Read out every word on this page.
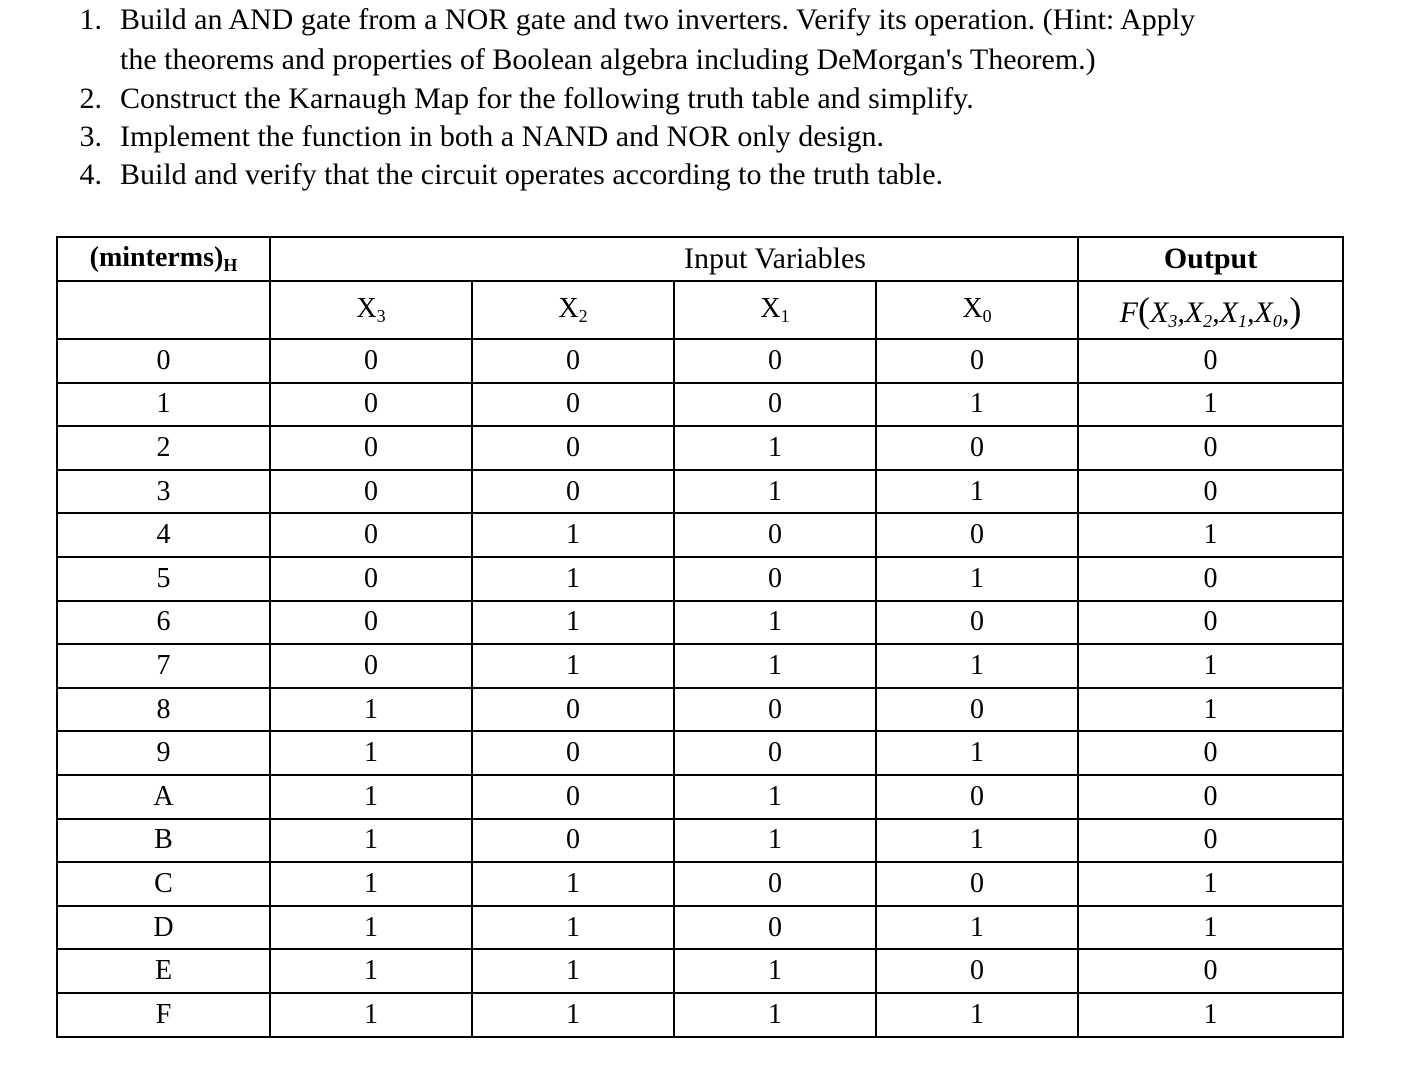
1. Build an AND gate from a NOR gate and two inverters. Verify its operation. (Hint: Apply
the theorems and properties of Boolean algebra including DeMorgan's Theorem.)
2. Construct the Karnaugh Map for the following truth table and simplify.
3. Implement the function in both a NAND and NOR only design.
4. Build and verify that the circuit operates according to the truth table.
$(minterms)_H$			Input Variables		Output
	$X_3$	$X_2$	$X_1$	$X_0$	$F(X_3,X_2,X_1,X_0,)$
0	0	0	0	0	0
1	0	0	0	1	1
2	0	0	1	0	0
3	0	0	1	1	0
4	0	1	0	0	1
5	0	1	0	1	0
6	0	1	1	0	0
7	0	1	1	1	1
8	1	0	0	0	1
9	1	0	0	1	0
A	1	0	1	0	0
B	1	0	1	1	0
C	1	1	0	0	1
D	1	1	0	1	1
E	1	1	1	0	0
F	1	1	1	1	1
